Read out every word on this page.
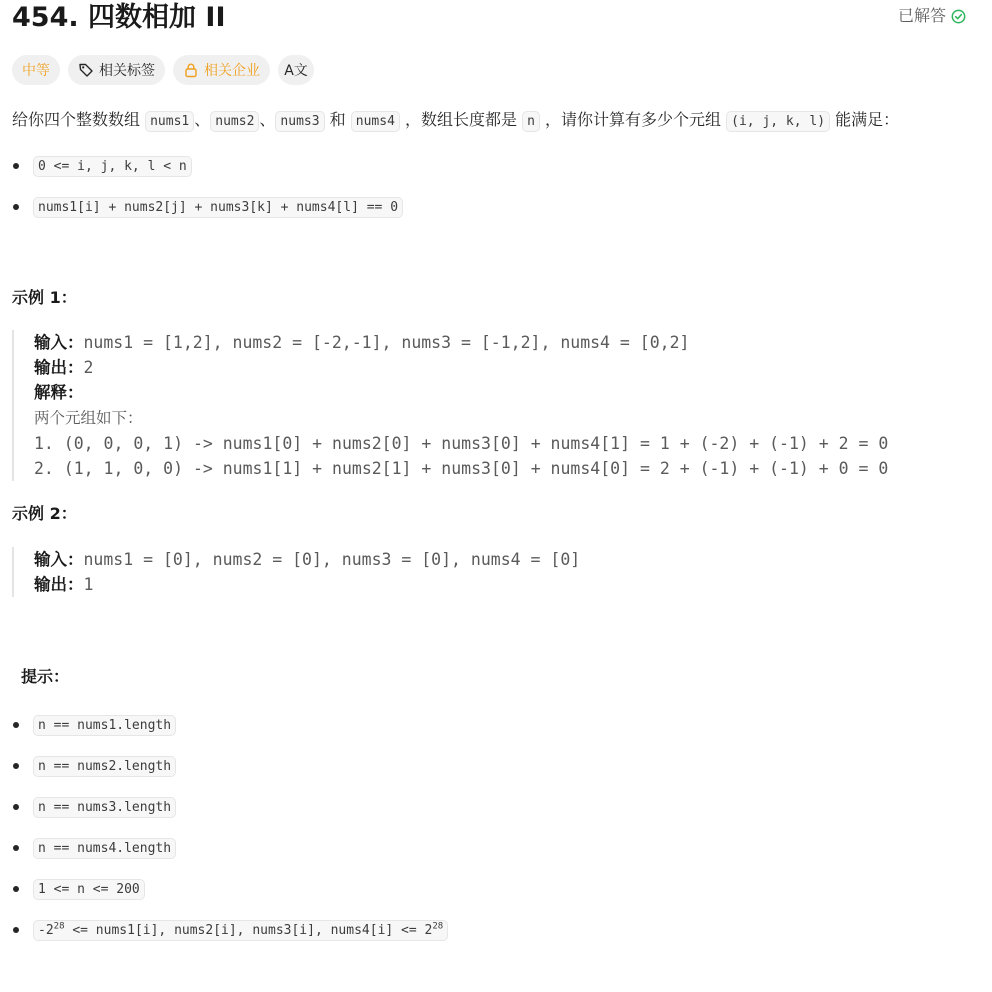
454. 四数相加 II	已解答
中等	相关标签	相关企业 A文
给你四个整数数组 nums1 、 nums2 、 nums3 和 nums4 ，数组长度都是 n ，请你计算有多少个元组 (i, j, k, l) 能满足：
0 <= i, j, k, l < n
nums1[i] + nums2[j] + nums3[k] + nums4[l] == 0
示例 1：
输入：nums1 = [1,2], nums2 = [-2,-1], nums3 = [-1,2], nums4 = [0,2]
输出：2
解释：
两个元组如下：
1. (0, 0, 0, 1) -> nums1[0] + nums2[0] + nums3[0] + nums4[1] = 1 + (-2) + (-1) + 2 = 0
2. (1, 1, 0, 0) -> nums1[1] + nums2[1] + nums3[0] + nums4[0] = 2 + (-1) + (-1) + 0 = 0
示例 2：
输入：nums1 = [0], nums2 = [0], nums3 = [0], nums4 = [0]
输出：1
提示：
n == nums1.length
n == nums2.length
n == nums3.length
n == nums4.length
1 <= n <= 200
$-2^{28}$ <= nums1[i], nums2[i], nums3[i], nums4[i] <= $2^{28}$
